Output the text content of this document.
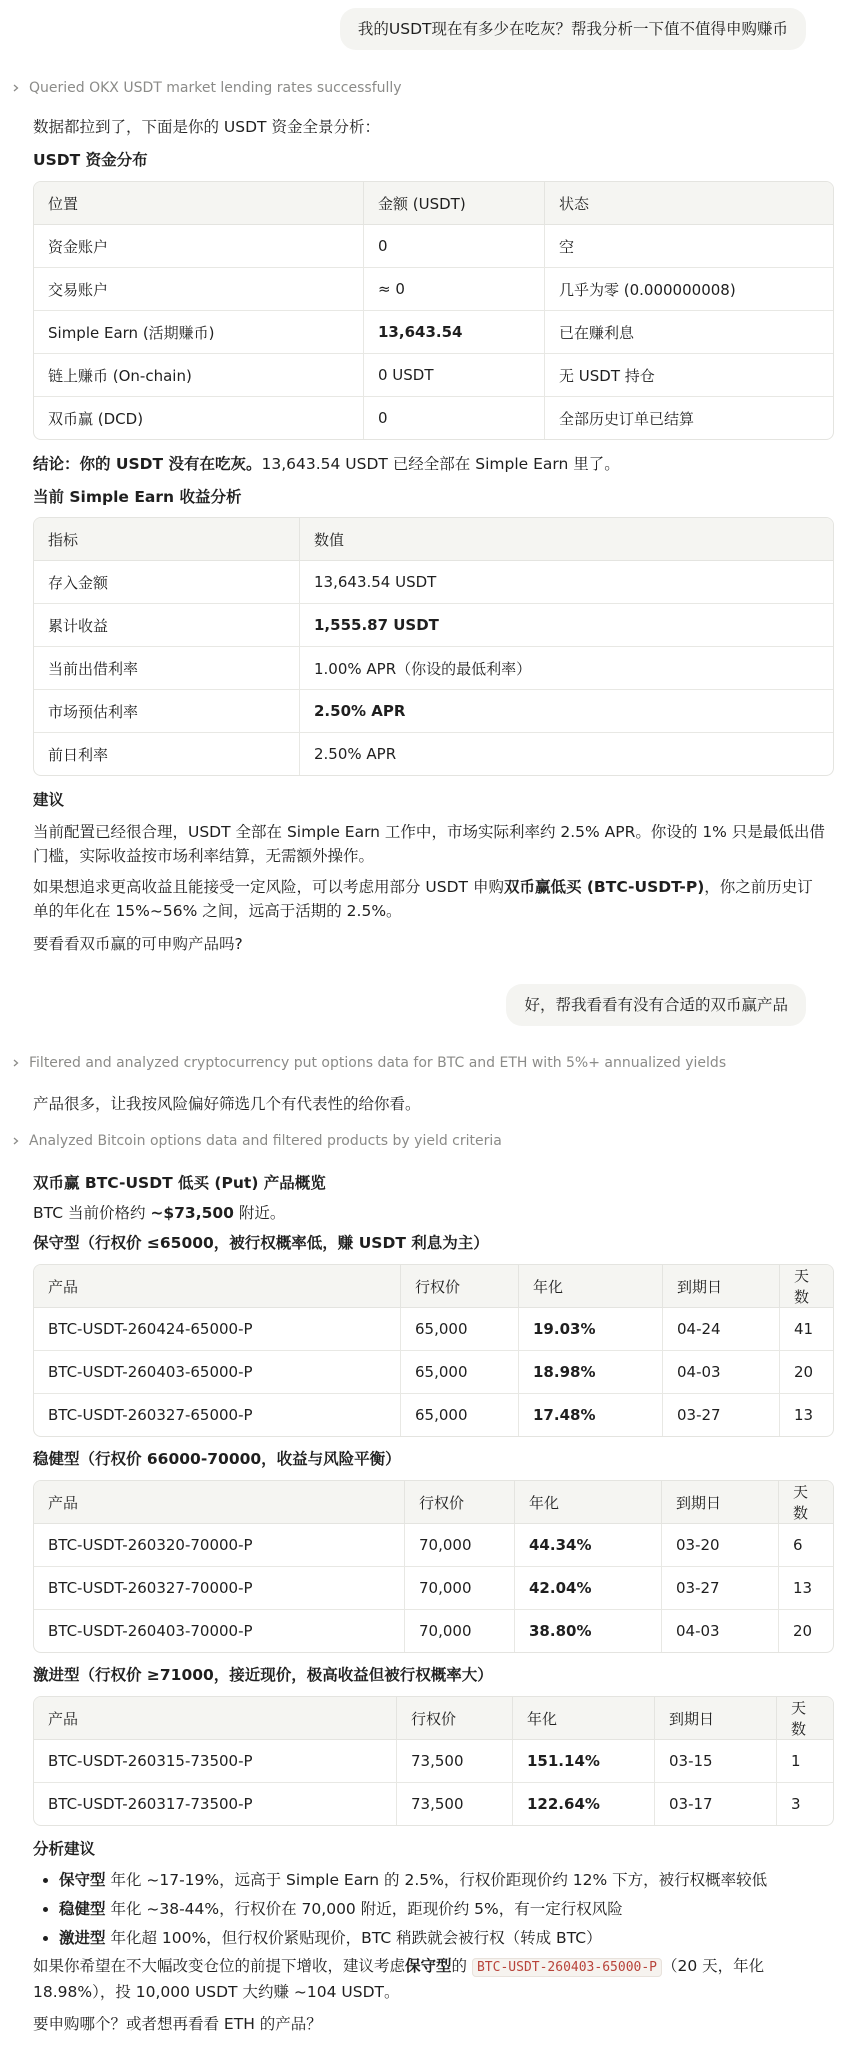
我的USDT现在有多少在吃灰？帮我分析一下值不值得申购赚币
Queried OKX USDT market lending rates successfully
数据都拉到了，下面是你的 USDT 资金全景分析：
USDT 资金分布
位置	金额 (USDT)	状态
资金账户	0	空
交易账户	≈ 0	几乎为零 (0.000000008)
Simple Earn (活期赚币)	13,643.54	已在赚利息
链上赚币 (On-chain)	0 USDT	无 USDT 持仓
双币赢 (DCD)	0	全部历史订单已结算
结论：你的 USDT 没有在吃灰。13,643.54 USDT 已经全部在 Simple Earn 里了。
当前 Simple Earn 收益分析
指标	数值
存入金额	13,643.54 USDT
累计收益	1,555.87 USDT
当前出借利率	1.00% APR（你设的最低利率）
市场预估利率	2.50% APR
前日利率	2.50% APR
建议
当前配置已经很合理，USDT 全部在 Simple Earn 工作中，市场实际利率约 2.5% APR。你设的 1% 只是最低出借门槛，实际收益按市场利率结算，无需额外操作。
如果想追求更高收益且能接受一定风险，可以考虑用部分 USDT 申购双币赢低买 (BTC-USDT-P)，你之前历史订单的年化在 15%~56% 之间，远高于活期的 2.5%。
要看看双币赢的可申购产品吗?
好，帮我看看有没有合适的双币赢产品
Filtered and analyzed cryptocurrency put options data for BTC and ETH with 5%+ annualized yields
产品很多，让我按风险偏好筛选几个有代表性的给你看。
Analyzed Bitcoin options data and filtered products by yield criteria
双币赢 BTC-USDT 低买 (Put) 产品概览
BTC 当前价格约 ~$73,500 附近。
保守型（行权价 ≤65000，被行权概率低，赚 USDT 利息为主）
产品	行权价	年化	到期日	天数
BTC-USDT-260424-65000-P	65,000	19.03%	04-24	41
BTC-USDT-260403-65000-P	65,000	18.98%	04-03	20
BTC-USDT-260327-65000-P	65,000	17.48%	03-27	13
稳健型（行权价 66000-70000，收益与风险平衡）
产品	行权价	年化	到期日	天数
BTC-USDT-260320-70000-P	70,000	44.34%	03-20	6
BTC-USDT-260327-70000-P	70,000	42.04%	03-27	13
BTC-USDT-260403-70000-P	70,000	38.80%	04-03	20
激进型（行权价 ≥71000，接近现价，极高收益但被行权概率大）
产品	行权价	年化	到期日	天数
BTC-USDT-260315-73500-P	73,500	151.14%	03-15	1
BTC-USDT-260317-73500-P	73,500	122.64%	03-17	3
分析建议
• 保守型 年化 ~17-19%，远高于 Simple Earn 的 2.5%，行权价距现价约 12% 下方，被行权概率较低
• 稳健型 年化 ~38-44%，行权价在 70,000 附近，距现价约 5%，有一定行权风险
• 激进型 年化超 100%，但行权价紧贴现价，BTC 稍跌就会被行权（转成 BTC）
如果你希望在不大幅改变仓位的前提下增收，建议考虑保守型的 BTC-USDT-260403-65000-P （20 天，年化 18.98%），投 10,000 USDT 大约赚 ~104 USDT。
要申购哪个？或者想再看看 ETH 的产品？
